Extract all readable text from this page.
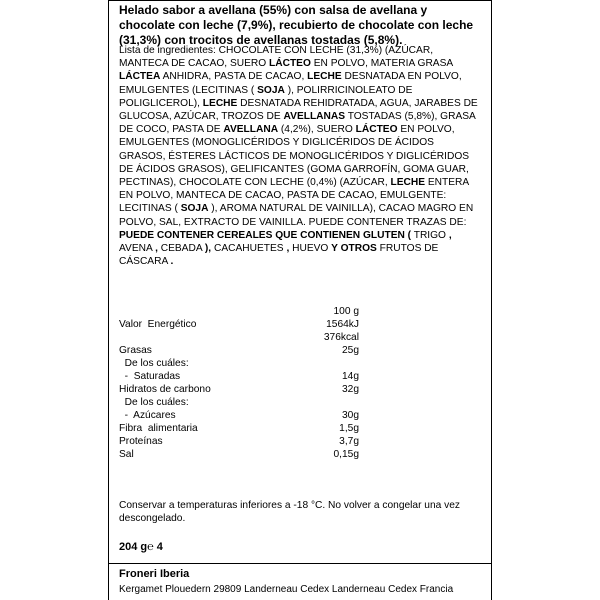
Helado sabor a avellana (55%) con salsa de avellana y chocolate con leche (7,9%), recubierto de chocolate con leche (31,3%) con trocitos de avellanas tostadas (5,8%).
Lista de ingredientes: CHOCOLATE CON LECHE (31,3%) (AZÚCAR, MANTECA DE CACAO, SUERO LÁCTEO EN POLVO, MATERIA GRASA LÁCTEA ANHIDRA, PASTA DE CACAO, LECHE DESNATADA EN POLVO, EMULGENTES (LECITINAS ( SOJA ), POLIRRICINOLEATO DE POLIGLICEROL), LECHE DESNATADA REHIDRATADA, AGUA, JARABES DE GLUCOSA, AZÚCAR, TROZOS DE AVELLANAS TOSTADAS (5,8%), GRASA DE COCO, PASTA DE AVELLANA (4,2%), SUERO LÁCTEO EN POLVO, EMULGENTES (MONOGLICÉRIDOS Y DIGLICÉRIDOS DE ÁCIDOS GRASOS, ÉSTERES LÁCTICOS DE MONOGLICÉRIDOS Y DIGLICÉRIDOS DE ÁCIDOS GRASOS), GELIFICANTES (GOMA GARROFÍN, GOMA GUAR, PECTINAS), CHOCOLATE CON LECHE (0,4%) (AZÚCAR, LECHE ENTERA EN POLVO, MANTECA DE CACAO, PASTA DE CACAO, EMULGENTE: LECITINAS ( SOJA ), AROMA NATURAL DE VAINILLA), CACAO MAGRO EN POLVO, SAL, EXTRACTO DE VAINILLA. PUEDE CONTENER TRAZAS DE: PUEDE CONTENER CEREALES QUE CONTIENEN GLUTEN ( TRIGO , AVENA , CEBADA ), CACAHUETES , HUEVO Y OTROS FRUTOS DE CÁSCARA .
100 g
Valor  Energético	1564kJ
376kcal
Grasas	25g
De los cuáles:
-  Saturadas	14g
Hidratos de carbono	32g
De los cuáles:
-  Azúcares	30g
Fibra  alimentaria	1,5g
Proteínas	3,7g
Sal	0,15g
Conservar a temperaturas inferiores a -18 °C. No volver a congelar una vez descongelado.
204 g℮ 4
Froneri Iberia
Kergamet Plouedern 29809 Landerneau Cedex Landerneau Cedex Francia
